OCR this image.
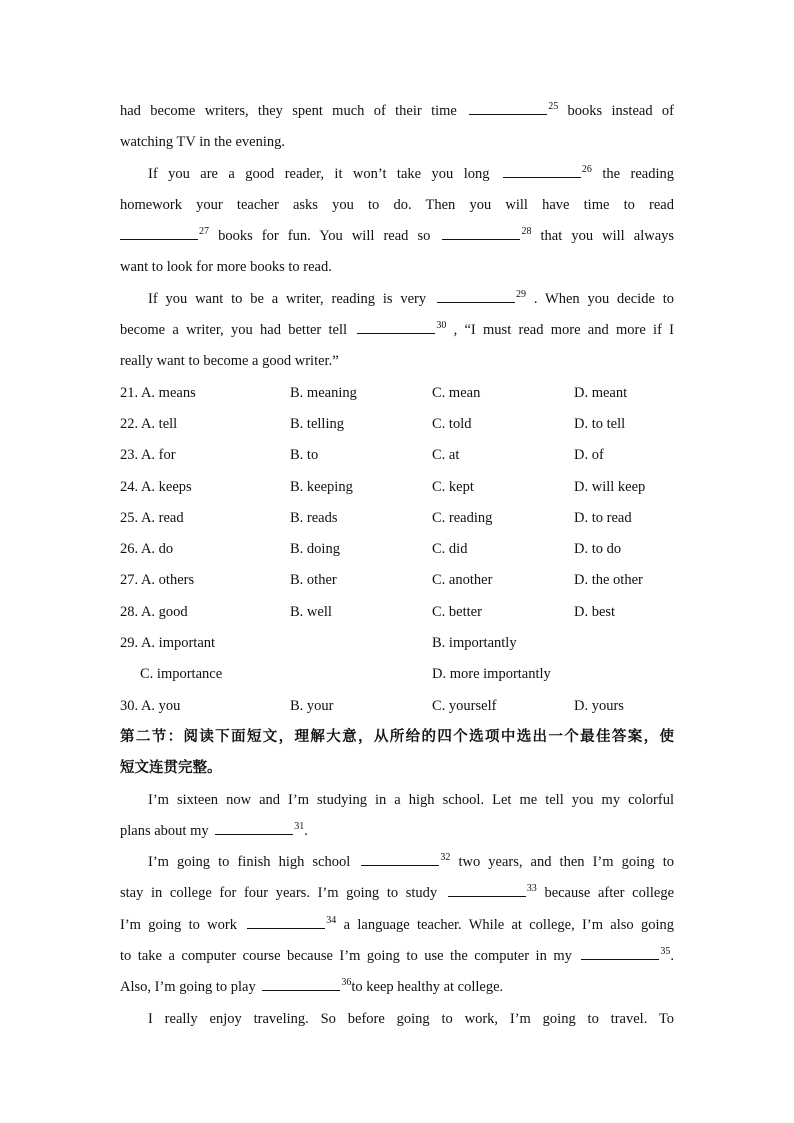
had become writers, they spent much of their time	$^{25}$ books instead of
watching TV in the evening.
If you are a good reader, it won’t take you long	$^{26}$ the reading
homework your teacher asks you to do. Then you will have time to read
$^{27}$ books for fun. You will read so	$^{28}$ that you will always
want to look for more books to read.
If you want to be a writer, reading is very	$^{29}$ . When you decide to
become a writer, you had better tell	$^{30}$ , “I must read more and more if I
really want to become a good writer.”
21. A. means	B. meaning	C. mean	D. meant
22. A. tell	B. telling	C. told	D. to tell
23. A. for	B. to	C. at	D. of
24. A. keeps	B. keeping	C. kept	D. will keep
25. A. read	B. reads	C. reading	D. to read
26. A. do	B. doing	C. did	D. to do
27. A. others	B. other	C. another	D. the other
28. A. good	B. well	C. better	D. best
29. A. important	B. importantly
C. importance	D. more importantly
30. A. you	B. your	C. yourself	D. yours
第二节：阅读下面短文，理解大意，从所给的四个选项中选出一个最佳答案，使
短文连贯完整。
I’m sixteen now and I’m studying in a high school. Let me tell you my colorful
plans about my	$^{31}$.
I’m going to finish high school	$^{32}$ two years, and then I’m going to
stay in college for four years. I’m going to study	$^{33}$ because after college
I’m going to work	$^{34}$ a language teacher. While at college, I’m also going
to take a computer course because I’m going to use the computer in my	$^{35}$.
Also, I’m going to play	$^{36}$to keep healthy at college.
I really enjoy traveling. So before going to work, I’m going to travel. To
